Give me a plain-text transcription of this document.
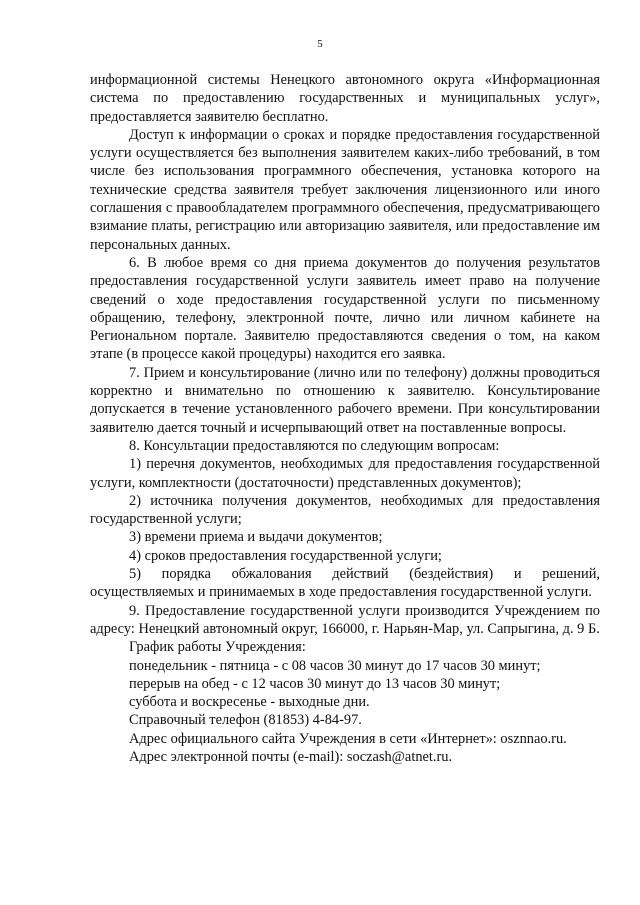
5

информационной системы Ненецкого автономного округа «Информационная система по предоставлению государственных и муниципальных услуг», предоставляется заявителю бесплатно.

Доступ к информации о сроках и порядке предоставления государственной услуги осуществляется без выполнения заявителем каких-либо требований, в том числе без использования программного обеспечения, установка которого на технические средства заявителя требует заключения лицензионного или иного соглашения с правообладателем программного обеспечения, предусматривающего взимание платы, регистрацию или авторизацию заявителя, или предоставление им персональных данных.

6. В любое время со дня приема документов до получения результатов предоставления государственной услуги заявитель имеет право на получение сведений о ходе предоставления государственной услуги по письменному обращению, телефону, электронной почте, лично или личном кабинете на Региональном портале. Заявителю предоставляются сведения о том, на каком этапе (в процессе какой процедуры) находится его заявка.

7. Прием и консультирование (лично или по телефону) должны проводиться корректно и внимательно по отношению к заявителю. Консультирование допускается в течение установленного рабочего времени. При консультировании заявителю дается точный и исчерпывающий ответ на поставленные вопросы.

8. Консультации предоставляются по следующим вопросам:

1) перечня документов, необходимых для предоставления государственной услуги, комплектности (достаточности) представленных документов);

2) источника получения документов, необходимых для предоставления государственной услуги;

3) времени приема и выдачи документов;

4) сроков предоставления государственной услуги;

5) порядка обжалования действий (бездействия) и решений, осуществляемых и принимаемых в ходе предоставления государственной услуги.

9. Предоставление государственной услуги производится Учреждением по адресу: Ненецкий автономный округ, 166000, г. Нарьян-Мар, ул. Сапрыгина, д. 9 Б.

График работы Учреждения:

понедельник - пятница - с 08 часов 30 минут до 17 часов 30 минут;

перерыв на обед - с 12 часов 30 минут до 13 часов 30 минут;

суббота и воскресенье - выходные дни.

Справочный телефон (81853) 4-84-97.

Адрес официального сайта Учреждения в сети «Интернет»: osznnao.ru.

Адрес электронной почты (e-mail): soczash@atnet.ru.
